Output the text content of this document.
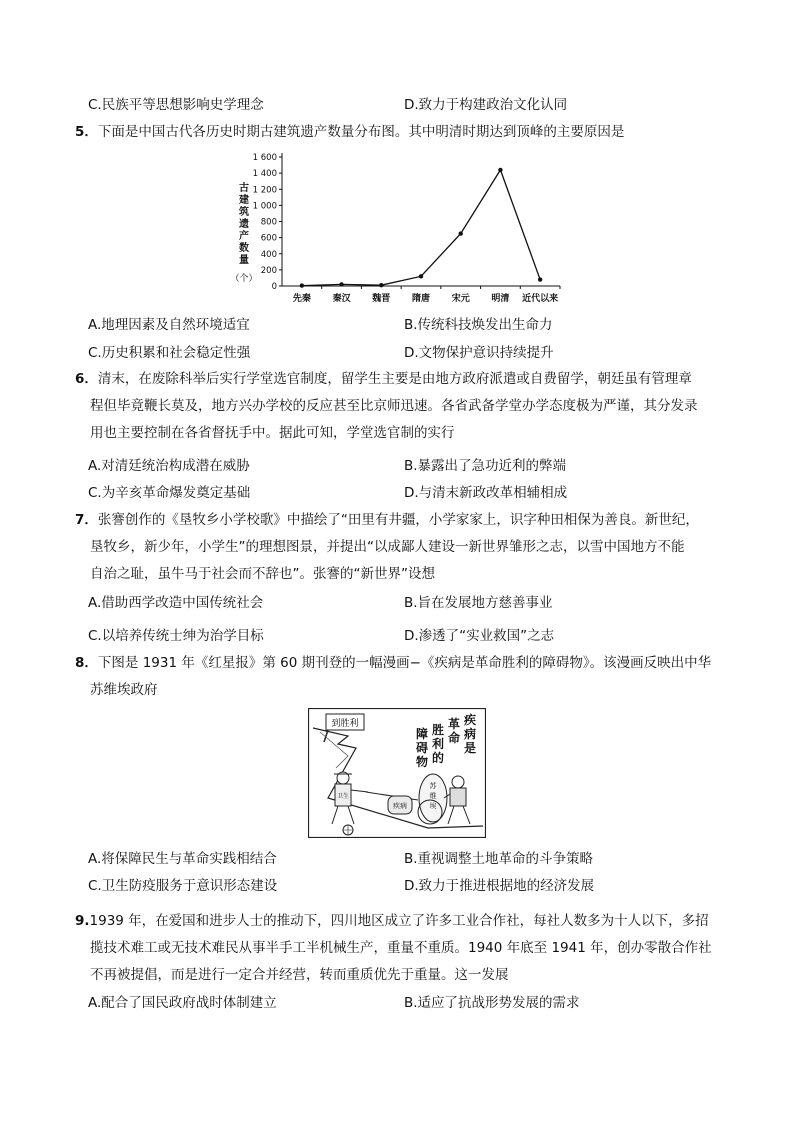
C.民族平等思想影响史学理念	D.致力于构建政治文化认同
5．下面是中国古代各历史时期古建筑遗产数量分布图。其中明清时期达到顶峰的主要原因是
古
建
筑
遗
产
数
量
（个）
0
200
400
600
800
1 000
1 200
1 400
1 600
先秦 秦汉 魏晋 隋唐 宋元 明清 近代以来
A.地理因素及自然环境适宜	B.传统科技焕发出生命力
C.历史积累和社会稳定性强	D.文物保护意识持续提升

6．清末，在废除科举后实行学堂选官制度，留学生主要是由地方政府派遣或自费留学，朝廷虽有管理章

程但毕竟鞭长莫及，地方兴办学校的反应甚至比京师迅速。各省武备学堂办学态度极为严谨，其分发录

用也主要控制在各省督抚手中。据此可知，学堂选官制的实行

A.对清廷统治构成潜在威胁	B.暴露出了急功近利的弊端
C.为辛亥革命爆发奠定基础	D.与清末新政改革相辅相成

7．张謇创作的《垦牧乡小学校歌》中描绘了“田里有井疆，小学家家上，识字种田相保为善良。新世纪，

垦牧乡，新少年，小学生”的理想图景，并提出“以成鄙人建设一新世界雏形之志，以雪中国地方不能

自治之耻，虽牛马于社会而不辞也”。张謇的“新世界”设想

A.借助西学改造中国传统社会	B.旨在发展地方慈善事业
C.以培养传统士绅为治学目标	D.渗透了“实业救国”之志

8．下图是 1931 年《红星报》第 60 期刊登的一幅漫画−《疾病是革命胜利的障碍物》。该漫画反映出中华

苏维埃政府

到胜利	疾
病
是
革
命
胜
利
的
障
碍
物
卫生
苏
维
埃
疾病
A.将保障民生与革命实践相结合	B.重视调整土地革命的斗争策略
C.卫生防疫服务于意识形态建设	D.致力于推进根据地的经济发展

9.1939 年，在爱国和进步人士的推动下，四川地区成立了许多工业合作社，每社人数多为十人以下，多招

揽技术难工或无技术难民从事半手工半机械生产，重量不重质。1940 年底至 1941 年，创办零散合作社

不再被提倡，而是进行一定合并经营，转而重质优先于重量。这一发展

A.配合了国民政府战时体制建立	B.适应了抗战形势发展的需求
